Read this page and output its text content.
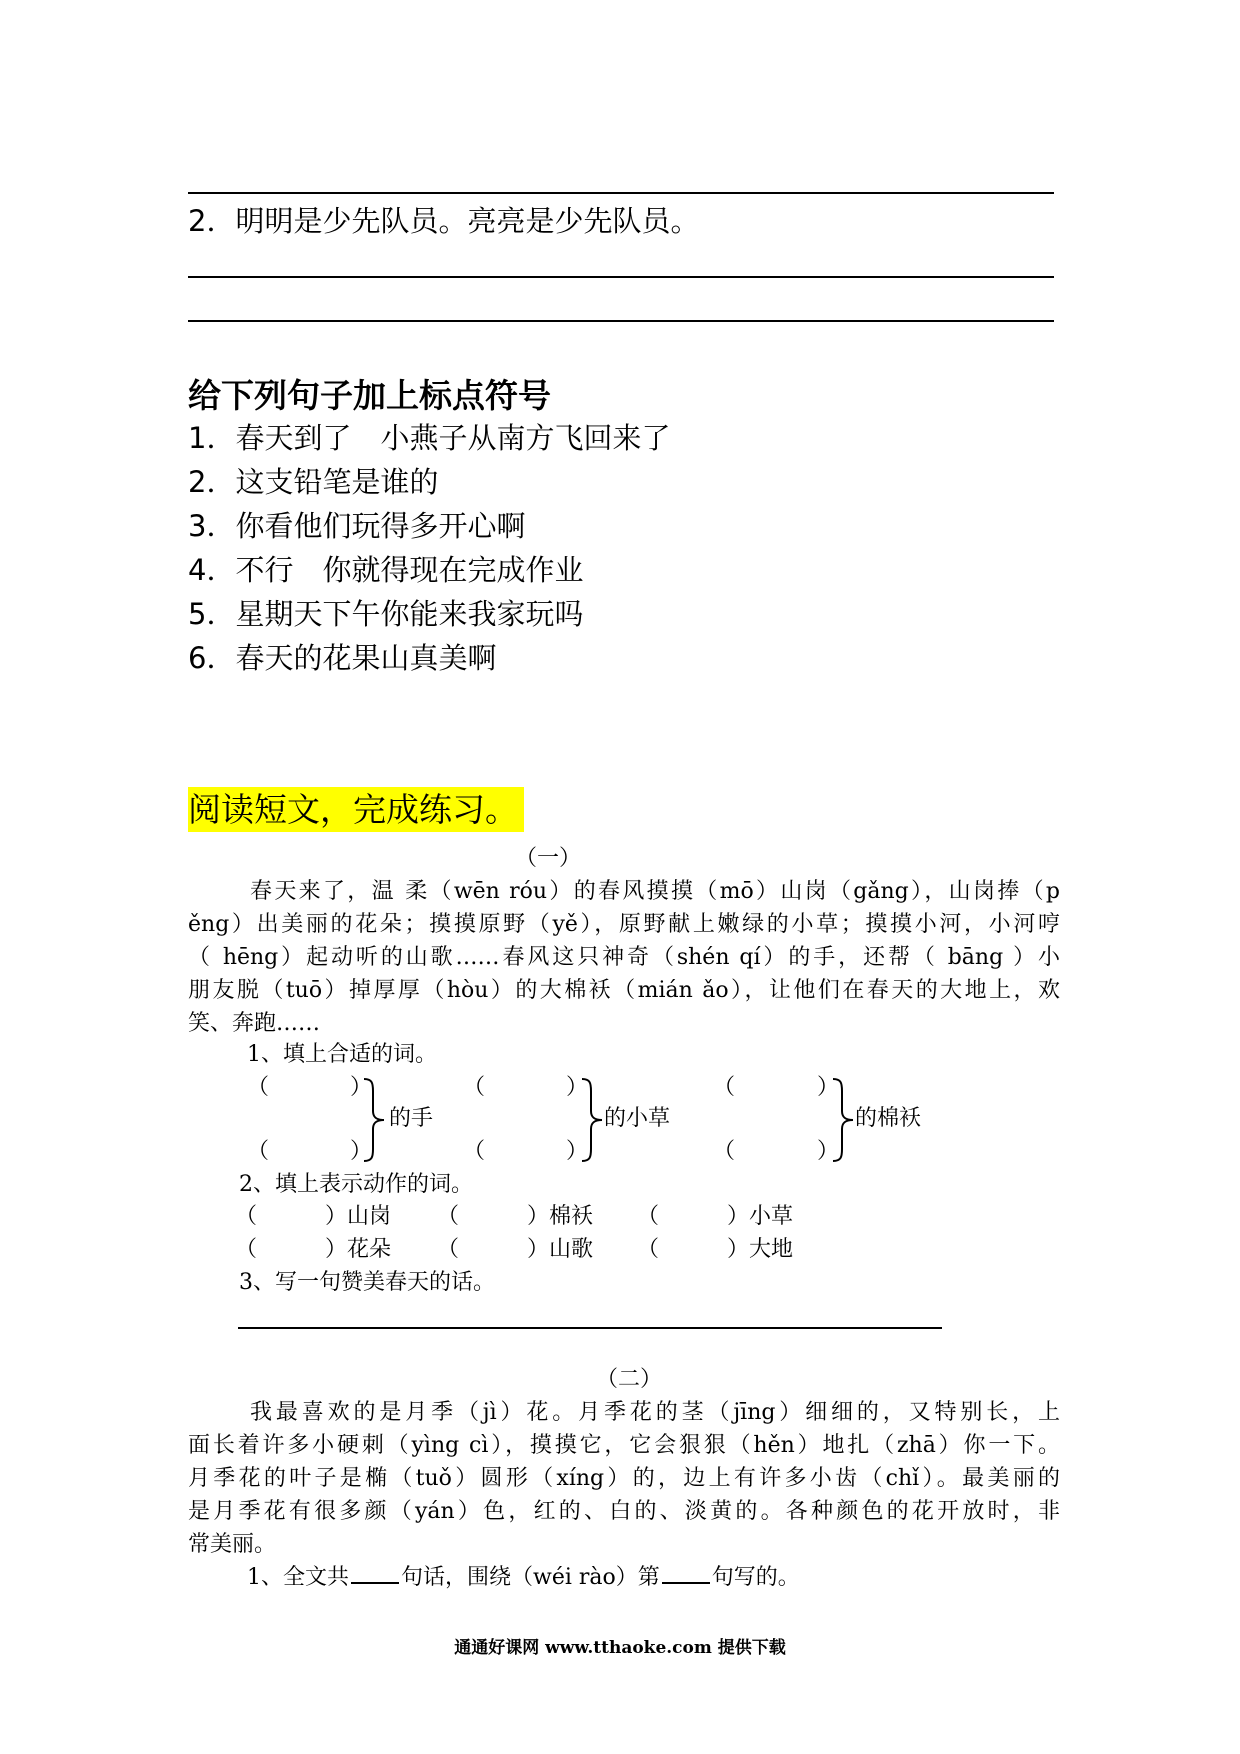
2．明明是少先队员。亮亮是少先队员。
给下列句子加上标点符号
1．春天到了　小燕子从南方飞回来了
2．这支铅笔是谁的
3．你看他们玩得多开心啊
4．不行　你就得现在完成作业
5．星期天下午你能来我家玩吗
6．春天的花果山真美啊
阅读短文，完成练习。
（一）
春天来了，温 柔（wēn róu）的春风摸摸（mō）山岗（gǎng），山岗捧（p
ěng）出美丽的花朵；摸摸原野（yě），原野献上嫩绿的小草；摸摸小河，小河哼
（ hēng）起动听的山歌……春风这只神奇（shén qí）的手，还帮（ bāng ）小
朋友脱（tuō）掉厚厚（hòu）的大棉袄（mián ǎo），让他们在春天的大地上，欢
笑、奔跑……
1、填上合适的词。
（	）
（	）
的手
（	）
（	）
的小草
（	）
（	）
的棉袄
2、填上表示动作的词。
（	） 山岗 （	） 棉袄 （	） 小草
（	） 花朵 （	） 山歌 （	） 大地
3、写一句赞美春天的话。
（二）
我最喜欢的是月季（jì）花。月季花的茎（jīng）细细的，又特别长，上
面长着许多小硬刺（yìng cì），摸摸它，它会狠狠（hěn）地扎（zhā）你一下。
月季花的叶子是椭（tuǒ）圆形（xíng）的，边上有许多小齿（chǐ）。最美丽的
是月季花有很多颜（yán）色，红的、白的、淡黄的。各种颜色的花开放时，非
常美丽。
1、全文共 句话，围绕（wéi rào）第 句写的。
通通好课网 www.tthaoke.com 提供下载
